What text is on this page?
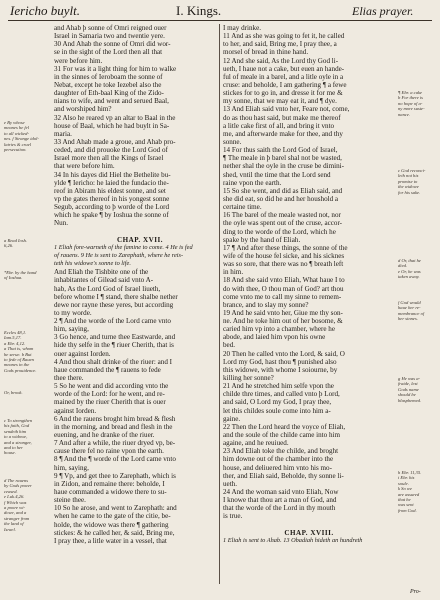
Iericho buylt.	I. Kings.	Elias prayer.
and Ahab þ sonne of Omri reigned ouer
Israel in Samaria two and twentie yere.
30 And Ahab the sonne of Omri did wor-
se in the sight of the Lord then all that
were before him.
31 For was it a light thing for him to walke
in the sinnes of Ieroboam the sonne of
Nebat, except he toke Iezebel also the
daughter of Eth-baal King of the Zido-
nians to wife, and went and serued Baal,
and worshiped him?
32 Also he reared vp an altar to Baal in the
house of Baal, which he had buylt in Sa-
maria.
33 And Ahab made a groue, and Ahab pro-
ceded, and did prouoke the Lord God of
Israel more then all the Kings of Israel
that were before him.
34 In his dayes did Hiel the Bethelite bu-
ylde ¶ Iericho: he laied the fundacio the-
reof in Abiram his eldest sonne, and set
vp the gates thereof in his yongest sonne
Segub, according to þ worde of the Lord
which he spake ¶ by Ioshua the sonne of
Nun.
CHAP. XVII.
1 Eliah fore-warneth of the famine to come. 4 He is fed
of rauens. 9 He is sent to Zarephath, where he reis-
teth his widowe's sonne to life.
And Eliah the Tishbite one of the
inhabitantes of Gilead said vnto A-
hab, As the Lord God of Israel liueth,
before whome I ¶ stand, there shalbe nether
dewe nor rayne these yeres, but according
to my worde.
2 ¶ And the worde of the Lord came vnto
him, saying,
3 Go hence, and turne thee Eastwarde, and
hide thy selfe in the ¶ riuer Cherith, that is
ouer against Iorden.
4 And thou shalt drinke of the riuer: and I
haue commanded the ¶ rauens to fede
thee there.
5 So he went and did according vnto the
worde of the Lord: for he went, and re-
mained by the riuer Cherith that is ouer
against Iorden.
6 And the rauens broght him bread & flesh
in the morning, and bread and flesh in the
euening, and he dranke of the riuer.
7 And after a while, the riuer dryed vp, be-
cause there fel no raine vpon the earth.
8 ¶ And the ¶ worde of the Lord came vnto
him, saying,
9 ¶ Vp, and get thee to Zarephath, which is
in Zidon, and remaine there: beholde, I
haue commanded a widowe there to su-
steine thee.
10 So he arose, and went to Zarephath: and
when he came to the gate of the citie, be-
holde, the widowe was there ¶ gathering
stickes: & he called her, & said, Bring me,
I pray thee, a litle water in a vessel, that
I may drinke.
11 And as she was going to fet it, he called
to her, and said, Bring me, I pray thee, a
morsel of bread in thine hand.
12 And she said, As the Lord thy God li-
ueth, I haue not a cake, but euen an hande-
ful of meale in a barel, and a litle oyle in a
cruse: and beholde, I am gathering ¶ a fewe
stickes for to go in, and dresse it for me &
my sonne, that we may eat it, and ¶ dye.
13 And Eliah said vnto her, Feare not, come,
do as thou hast said, but make me thereof
a litle cake first of all, and bring it vnto
me, and afterwarde make for thee, and thy
sonne.
14 For thus saith the Lord God of Israel,
¶ The meale in þ barel shal not be wasted,
nether shal the oyle in the cruse be dimini-
shed, vntil the time that the Lord send
raine vpon the earth.
15 So she went, and did as Eliah said, and
she did eat, so did he and her houshold a
certaine time.
16 The barel of the meale wasted not, nor
the oyle was spent out of the cruse, accor-
ding to the worde of the Lord, which he
spake by the hand of Eliah.
17 ¶ And after these things, the sonne of the
wife of the house fel sicke, and his sicknes
was so sore, that there was no ¶ breath left
in him.
18 And she said vnto Eliah, What haue I to
do with thee, O thou man of God? art thou
come vnto me to call my sinne to remem-
brance, and to slay my sonne?
19 And he said vnto her, Giue me thy son-
ne. And he toke him out of her bosome, &
caried him vp into a chamber, where he
abode, and laied him vpon his owne
bed.
20 Then he called vnto the Lord, & said, O
Lord my God, hast thou ¶ punished also
this widowe, with whome I soiourne, by
killing her sonne?
21 And he stretched him selfe vpon the
childe thre times, and called vnto þ Lord,
and said, O Lord my God, I pray thee,
let this childes soule come into him a-
gaine.
22 Then the Lord heard the voyce of Eliah,
and the soule of the childe came into him
againe, and he reuiued.
23 And Eliah toke the childe, and broght
him downe out of the chamber into the
house, and deliuered him vnto his mo-
ther, and Eliah said, Beholde, thy sonne li-
ueth.
24 And the woman said vnto Eliah, Now
I knowe that thou art a man of God, and
that the worde of the Lord in thy mouth
is true.
CHAP. XVIII.
1 Eliah is sent to Ahab. 13 Obadiah hideth an hundreth
e By whose
meanes he fel
to all wicked-
nes. f Strange idol-
latries & cruel
persecution.
a Read Iosh.
6,26.
*Ebr. by the hand
of Ioshua.
Eccles 48,1.
Iam.5,17.
a Ebr. 4,12.
a That is, whom
he serue. b But
to fede of Rauen
meanes in the
Gods prouidence.
Or, brook.
c To strengthen
his faith, God
sendeth him
to a widowe,
and a stranger,
and to her
house.
d The rauens
by Gods power
ceased.
e Luk.4,26.
f Which was
a poore wi-
dowe, and a
stranger from
the land of
Israel.
¶ Ebr. a cake
b For there is
no hope of a-
ny more suste-
nance.
c God reconci-
leth not his
promise to
the widowe
for his sake.
d Or, that he
died.
e Or, he was
taken away.
f God would
haue her re-
membrance of
her sinnes.
g He was a-
fraide, lest
Gods name
should be
blasphemed.
h Ebr. 11,35.
i Ebr. his
soule.
k So we
are assured
that he
was sent
from God.
Pro-
